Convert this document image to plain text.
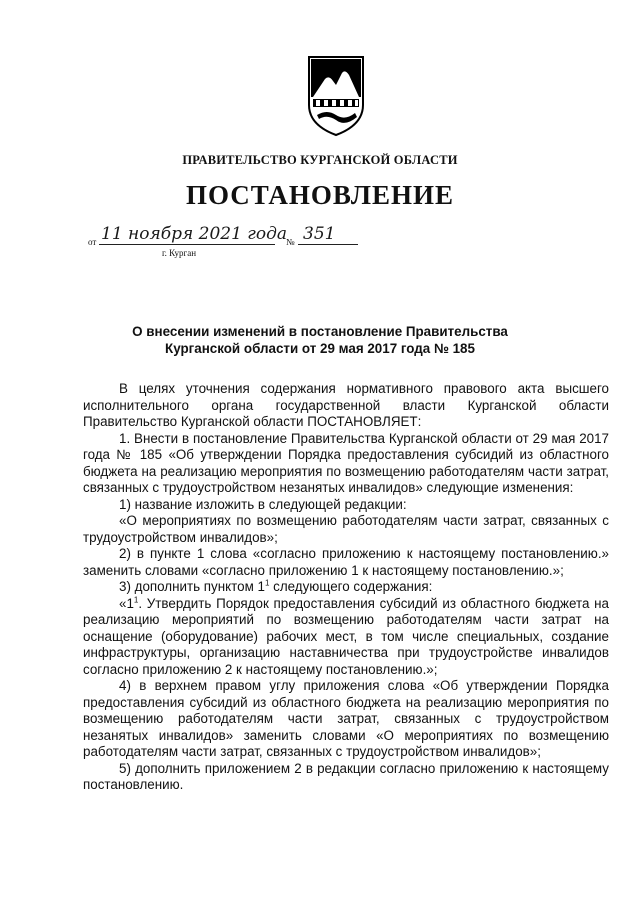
ПРАВИТЕЛЬСТВО КУРГАНСКОЙ ОБЛАСТИ
ПОСТАНОВЛЕНИЕ
от 11 ноября 2021 года
№ 351
г. Курган
О внесении изменений в постановление Правительства
Курганской области от 29 мая 2017 года № 185

В целях уточнения содержания нормативного правового акта высшего исполнительного органа государственной власти Курганской области Правительство Курганской области ПОСТАНОВЛЯЕТ:

1. Внести в постановление Правительства Курганской области от 29 мая 2017 года № 185 «Об утверждении Порядка предоставления субсидий из областного бюджета на реализацию мероприятия по возмещению работодателям части затрат, связанных с трудоустройством незанятых инвалидов» следующие изменения:

1) название изложить в следующей редакции:

«О мероприятиях по возмещению работодателям части затрат, связанных с трудоустройством инвалидов»;

2) в пункте 1 слова «согласно приложению к настоящему постановлению.» заменить словами «согласно приложению 1 к настоящему постановлению.»;

3) дополнить пунктом $1^1$ следующего содержания:

«$1^1$. Утвердить Порядок предоставления субсидий из областного бюджета на реализацию мероприятий по возмещению работодателям части затрат на оснащение (оборудование) рабочих мест, в том числе специальных, создание инфраструктуры, организацию наставничества при трудоустройстве инвалидов согласно приложению 2 к настоящему постановлению.»;

4) в верхнем правом углу приложения слова «Об утверждении Порядка предоставления субсидий из областного бюджета на реализацию мероприятия по возмещению работодателям части затрат, связанных с трудоустройством незанятых инвалидов» заменить словами «О мероприятиях по возмещению работодателям части затрат, связанных с трудоустройством инвалидов»;

5) дополнить приложением 2 в редакции согласно приложению к настоящему постановлению.
